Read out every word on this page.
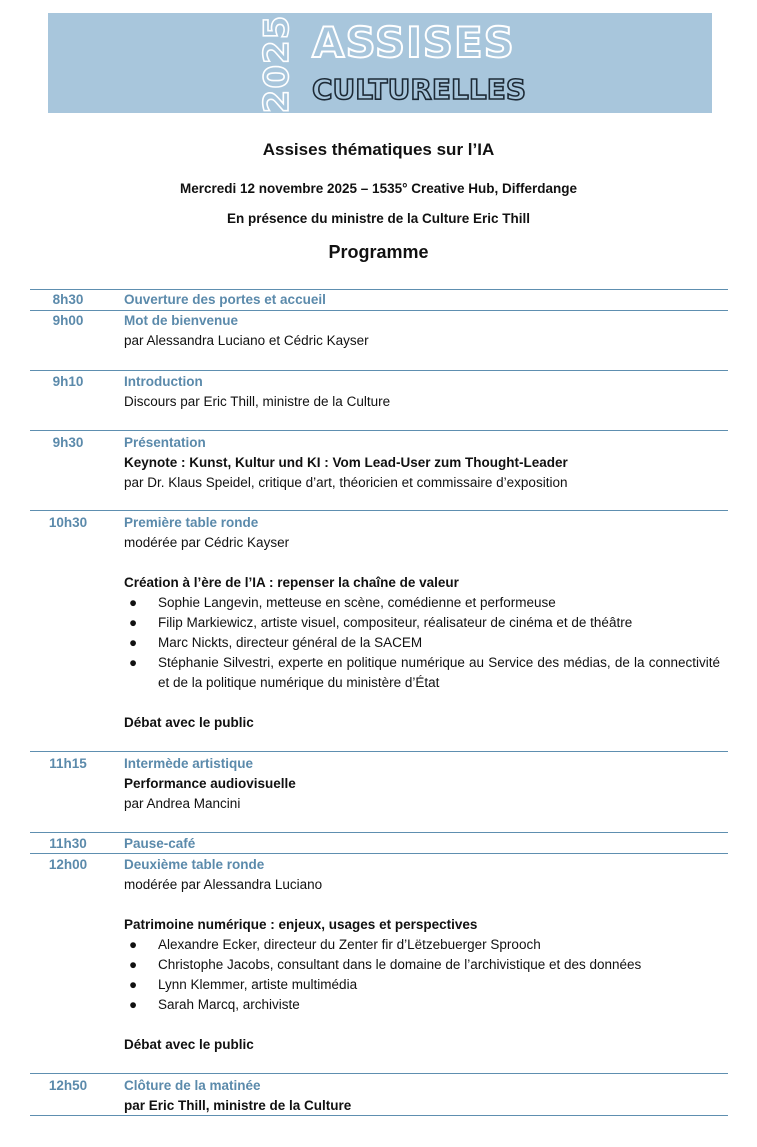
2025 ASSISES
CULTURELLES
Assises thématiques sur l’IA
Mercredi 12 novembre 2025 – 1535° Creative Hub, Differdange
En présence du ministre de la Culture Eric Thill
Programme
8h30	Ouverture des portes et accueil
9h00	Mot de bienvenue
par Alessandra Luciano et Cédric Kayser
9h10	Introduction
Discours par Eric Thill, ministre de la Culture
9h30	Présentation
Keynote : Kunst, Kultur und KI : Vom Lead-User zum Thought-Leader
par Dr. Klaus Speidel, critique d’art, théoricien et commissaire d’exposition
10h30	Première table ronde
modérée par Cédric Kayser
Création à l’ère de l’IA : repenser la chaîne de valeur
● Sophie Langevin, metteuse en scène, comédienne et performeuse
● Filip Markiewicz, artiste visuel, compositeur, réalisateur de cinéma et de théâtre
● Marc Nickts, directeur général de la SACEM
● Stéphanie Silvestri, experte en politique numérique au Service des médias, de la connectivité et de la politique numérique du ministère d’État
Débat avec le public
11h15	Intermède artistique
Performance audiovisuelle
par Andrea Mancini
11h30	Pause-café
12h00	Deuxième table ronde
modérée par Alessandra Luciano
Patrimoine numérique : enjeux, usages et perspectives
● Alexandre Ecker, directeur du Zenter fir d’Lëtzebuerger Sprooch
● Christophe Jacobs, consultant dans le domaine de l’archivistique et des données
● Lynn Klemmer, artiste multimédia
● Sarah Marcq, archiviste
Débat avec le public
12h50	Clôture de la matinée
par Eric Thill, ministre de la Culture
